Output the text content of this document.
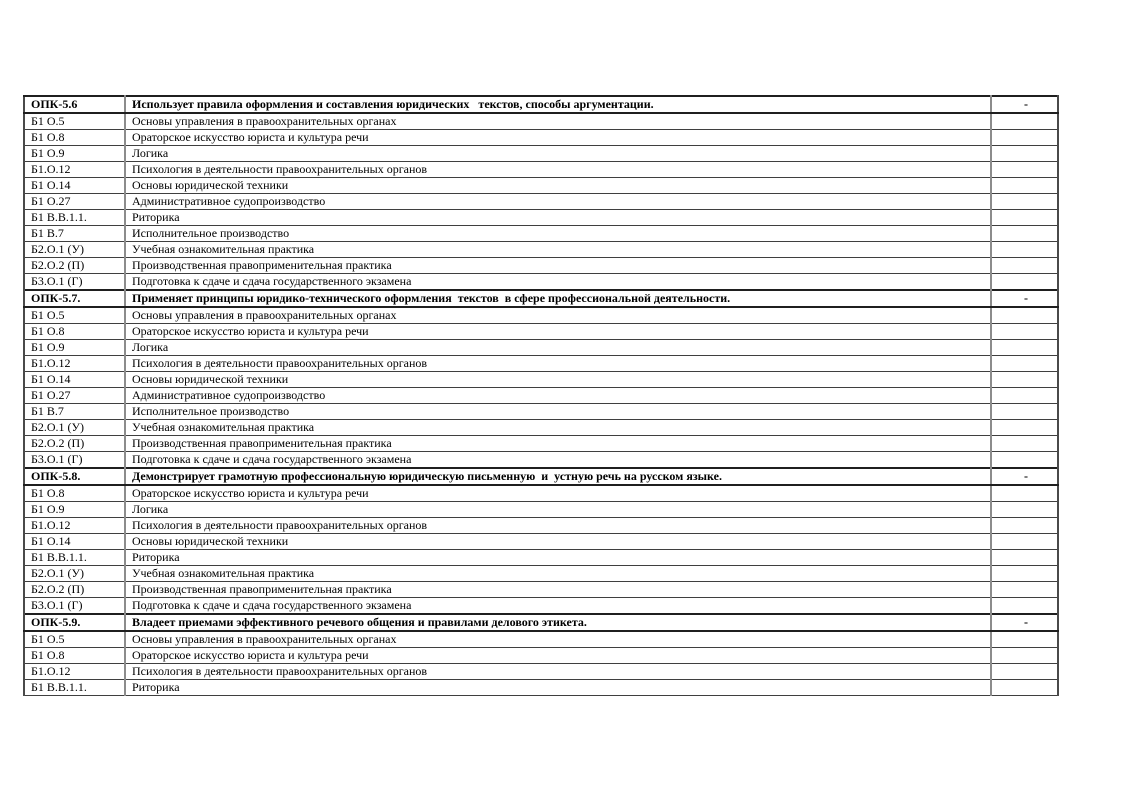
ОПК-5.6	Использует правила оформления и составления юридических   текстов, способы аргументации.	-
Б1 О.5	Основы управления в правоохранительных органах	
Б1 О.8	Ораторское искусство юриста и культура речи	
Б1 О.9	Логика	
Б1.О.12	Психология в деятельности правоохранительных органов	
Б1 О.14	Основы юридической техники	
Б1 О.27	Административное судопроизводство	
Б1 В.В.1.1.	Риторика	
Б1 В.7	Исполнительное производство	
Б2.О.1 (У)	Учебная ознакомительная практика	
Б2.О.2 (П)	Производственная правоприменительная практика	
Б3.О.1 (Г)	Подготовка к сдаче и сдача государственного экзамена	
ОПК-5.7.	Применяет принципы юридико-технического оформления  текстов  в сфере профессиональной деятельности.	-
Б1 О.5	Основы управления в правоохранительных органах	
Б1 О.8	Ораторское искусство юриста и культура речи	
Б1 О.9	Логика	
Б1.О.12	Психология в деятельности правоохранительных органов	
Б1 О.14	Основы юридической техники	
Б1 О.27	Административное судопроизводство	
Б1 В.7	Исполнительное производство	
Б2.О.1 (У)	Учебная ознакомительная практика	
Б2.О.2 (П)	Производственная правоприменительная практика	
Б3.О.1 (Г)	Подготовка к сдаче и сдача государственного экзамена	
ОПК-5.8.	Демонстрирует грамотную профессиональную юридическую письменную  и  устную речь на русском языке.	-
Б1 О.8	Ораторское искусство юриста и культура речи	
Б1 О.9	Логика	
Б1.О.12	Психология в деятельности правоохранительных органов	
Б1 О.14	Основы юридической техники	
Б1 В.В.1.1.	Риторика	
Б2.О.1 (У)	Учебная ознакомительная практика	
Б2.О.2 (П)	Производственная правоприменительная практика	
Б3.О.1 (Г)	Подготовка к сдаче и сдача государственного экзамена	
ОПК-5.9.	Владеет приемами эффективного речевого общения и правилами делового этикета.	-
Б1 О.5	Основы управления в правоохранительных органах	
Б1 О.8	Ораторское искусство юриста и культура речи	
Б1.О.12	Психология в деятельности правоохранительных органов	
Б1 В.В.1.1.	Риторика	
